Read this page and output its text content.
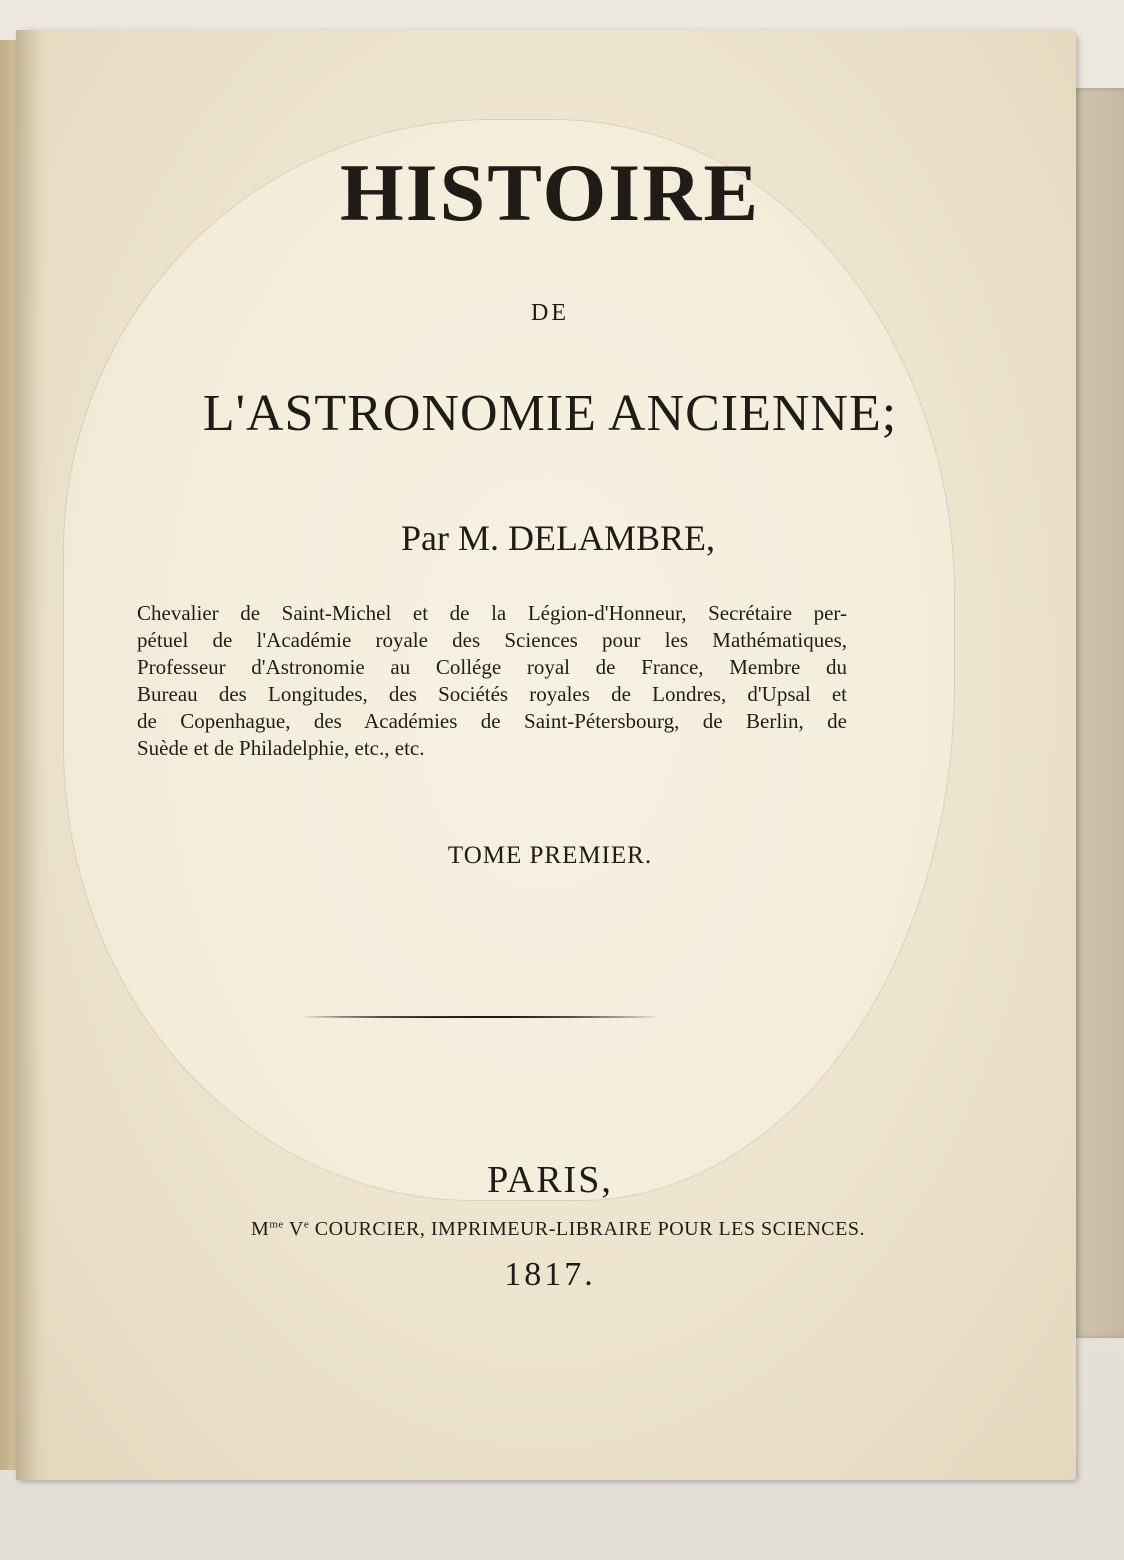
HISTOIRE

DE

L'ASTRONOMIE ANCIENNE;

Par M. DELAMBRE,

Chevalier de Saint-Michel et de la Légion-d'Honneur, Secrétaire per-
pétuel de l'Académie royale des Sciences pour les Mathématiques,
Professeur d'Astronomie au Collége royal de France, Membre du
Bureau des Longitudes, des Sociétés royales de Londres, d'Upsal et
de Copenhague, des Académies de Saint-Pétersbourg, de Berlin, de
Suède et de Philadelphie, etc., etc.

TOME PREMIER.

PARIS,

$M^{me}$ Ve COURCIER, IMPRIMEUR-LIBRAIRE POUR LES SCIENCES.

1817.
